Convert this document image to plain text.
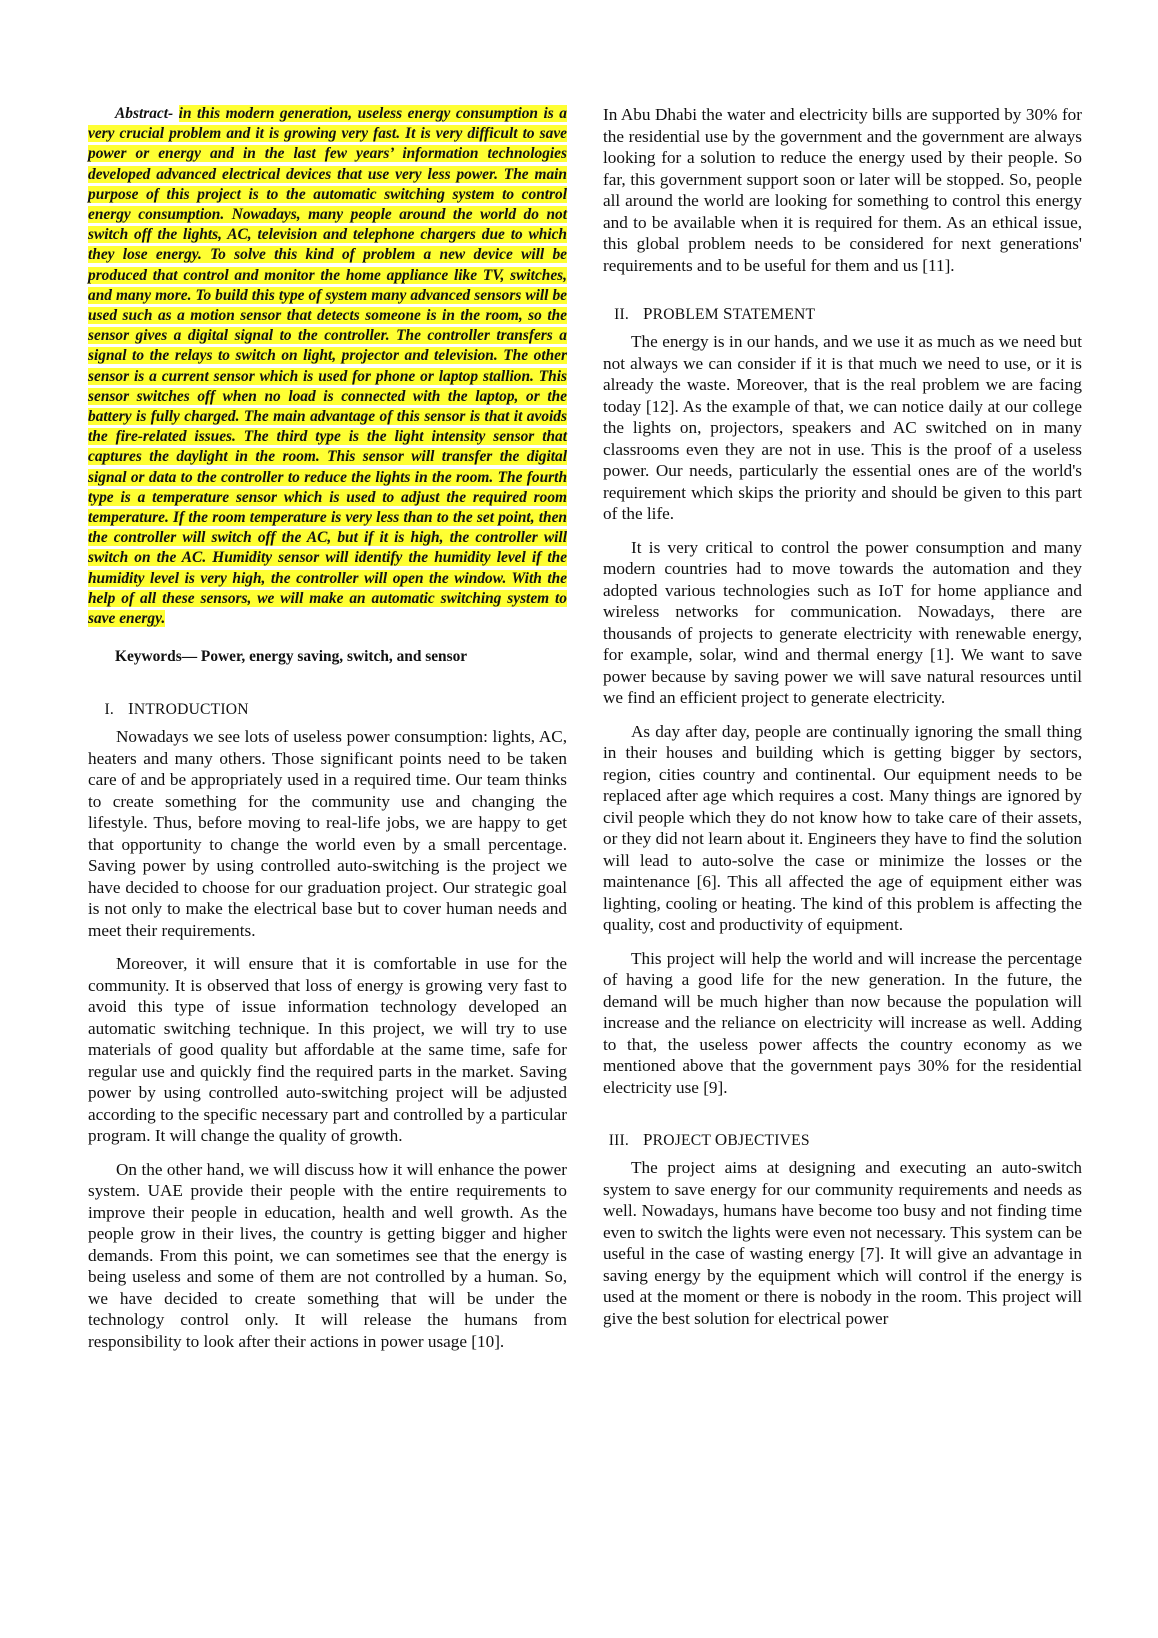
Abstract- in this modern generation, useless energy consumption is a very crucial problem and it is growing very fast. It is very difficult to save power or energy and in the last few years’ information technologies developed advanced electrical devices that use very less power. The main purpose of this project is to the automatic switching system to control energy consumption. Nowadays, many people around the world do not switch off the lights, AC, television and telephone chargers due to which they lose energy. To solve this kind of problem a new device will be produced that control and monitor the home appliance like TV, switches, and many more. To build this type of system many advanced sensors will be used such as a motion sensor that detects someone is in the room, so the sensor gives a digital signal to the controller. The controller transfers a signal to the relays to switch on light, projector and television. The other sensor is a current sensor which is used for phone or laptop stallion. This sensor switches off when no load is connected with the laptop, or the battery is fully charged. The main advantage of this sensor is that it avoids the fire-related issues. The third type is the light intensity sensor that captures the daylight in the room. This sensor will transfer the digital signal or data to the controller to reduce the lights in the room. The fourth type is a temperature sensor which is used to adjust the required room temperature. If the room temperature is very less than to the set point, then the controller will switch off the AC, but if it is high, the controller will switch on the AC. Humidity sensor will identify the humidity level if the humidity level is very high, the controller will open the window. With the help of all these sensors, we will make an automatic switching system to save energy.

Keywords— Power, energy saving, switch, and sensor
I. INTRODUCTION

Nowadays we see lots of useless power consumption: lights, AC, heaters and many others. Those significant points need to be taken care of and be appropriately used in a required time. Our team thinks to create something for the community use and changing the lifestyle. Thus, before moving to real-life jobs, we are happy to get that opportunity to change the world even by a small percentage. Saving power by using controlled auto-switching is the project we have decided to choose for our graduation project. Our strategic goal is not only to make the electrical base but to cover human needs and meet their requirements.

Moreover, it will ensure that it is comfortable in use for the community. It is observed that loss of energy is growing very fast to avoid this type of issue information technology developed an automatic switching technique. In this project, we will try to use materials of good quality but affordable at the same time, safe for regular use and quickly find the required parts in the market. Saving power by using controlled auto-switching project will be adjusted according to the specific necessary part and controlled by a particular program. It will change the quality of growth.

On the other hand, we will discuss how it will enhance the power system. UAE provide their people with the entire requirements to improve their people in education, health and well growth. As the people grow in their lives, the country is getting bigger and higher demands. From this point, we can sometimes see that the energy is being useless and some of them are not controlled by a human. So, we have decided to create something that will be under the technology control only. It will release the humans from responsibility to look after their actions in power usage [10].

In Abu Dhabi the water and electricity bills are supported by 30% for the residential use by the government and the government are always looking for a solution to reduce the energy used by their people. So far, this government support soon or later will be stopped. So, people all around the world are looking for something to control this energy and to be available when it is required for them. As an ethical issue, this global problem needs to be considered for next generations' requirements and to be useful for them and us [11].

II. PROBLEM STATEMENT

The energy is in our hands, and we use it as much as we need but not always we can consider if it is that much we need to use, or it is already the waste. Moreover, that is the real problem we are facing today [12]. As the example of that, we can notice daily at our college the lights on, projectors, speakers and AC switched on in many classrooms even they are not in use. This is the proof of a useless power. Our needs, particularly the essential ones are of the world's requirement which skips the priority and should be given to this part of the life.

It is very critical to control the power consumption and many modern countries had to move towards the automation and they adopted various technologies such as IoT for home appliance and wireless networks for communication. Nowadays, there are thousands of projects to generate electricity with renewable energy, for example, solar, wind and thermal energy [1]. We want to save power because by saving power we will save natural resources until we find an efficient project to generate electricity.

As day after day, people are continually ignoring the small thing in their houses and building which is getting bigger by sectors, region, cities country and continental. Our equipment needs to be replaced after age which requires a cost. Many things are ignored by civil people which they do not know how to take care of their assets, or they did not learn about it. Engineers they have to find the solution will lead to auto-solve the case or minimize the losses or the maintenance [6]. This all affected the age of equipment either was lighting, cooling or heating. The kind of this problem is affecting the quality, cost and productivity of equipment.

This project will help the world and will increase the percentage of having a good life for the new generation. In the future, the demand will be much higher than now because the population will increase and the reliance on electricity will increase as well. Adding to that, the useless power affects the country economy as we mentioned above that the government pays 30% for the residential electricity use [9].

III. PROJECT OBJECTIVES

The project aims at designing and executing an auto-switch system to save energy for our community requirements and needs as well. Nowadays, humans have become too busy and not finding time even to switch the lights were even not necessary. This system can be useful in the case of wasting energy [7]. It will give an advantage in saving energy by the equipment which will control if the energy is used at the moment or there is nobody in the room. This project will give the best solution for electrical power
